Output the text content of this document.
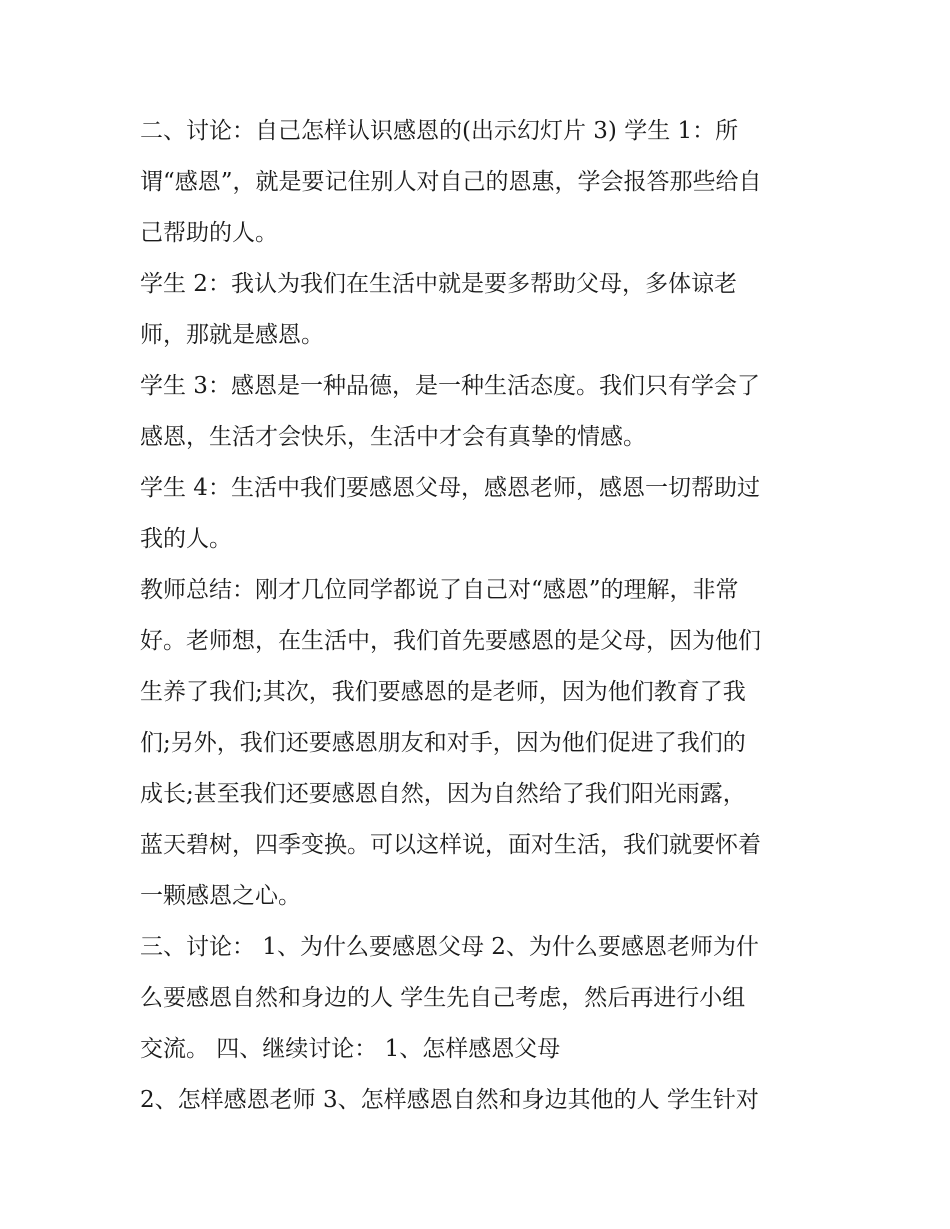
二、讨论：自己怎样认识感恩的(出示幻灯片 3) 学生 1：所
谓“感恩”，就是要记住别人对自己的恩惠，学会报答那些给自
己帮助的人。
学生 2：我认为我们在生活中就是要多帮助父母，多体谅老
师，那就是感恩。
学生 3：感恩是一种品德，是一种生活态度。我们只有学会了
感恩，生活才会快乐，生活中才会有真挚的情感。
学生 4：生活中我们要感恩父母，感恩老师，感恩一切帮助过
我的人。
教师总结：刚才几位同学都说了自己对“感恩”的理解，非常
好。老师想，在生活中，我们首先要感恩的是父母，因为他们
生养了我们;其次，我们要感恩的是老师，因为他们教育了我
们;另外，我们还要感恩朋友和对手，因为他们促进了我们的
成长;甚至我们还要感恩自然，因为自然给了我们阳光雨露，
蓝天碧树，四季变换。可以这样说，面对生活，我们就要怀着
一颗感恩之心。
三、讨论： 1、为什么要感恩父母 2、为什么要感恩老师为什
么要感恩自然和身边的人 学生先自己考虑，然后再进行小组
交流。 四、继续讨论： 1、怎样感恩父母
2、怎样感恩老师 3、怎样感恩自然和身边其他的人 学生针对
